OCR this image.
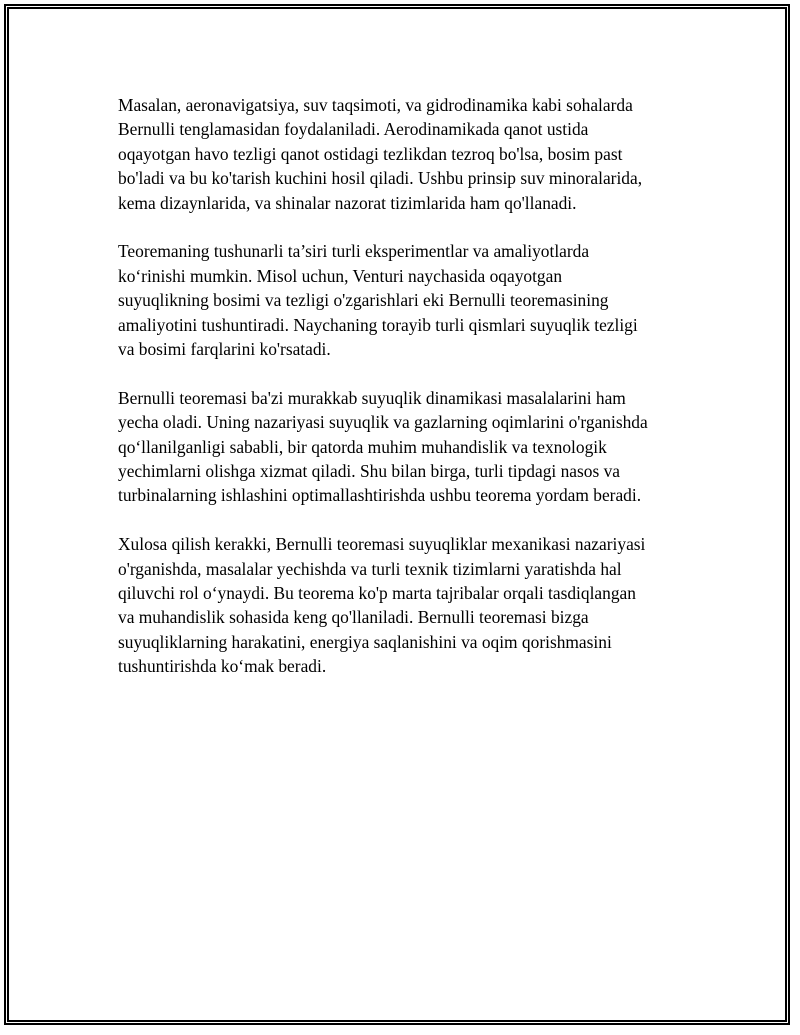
Masalan, aeronavigatsiya, suv taqsimoti, va gidrodinamika kabi sohalarda
Bernulli tenglamasidan foydalaniladi. Aerodinamikada qanot ustida
oqayotgan havo tezligi qanot ostidagi tezlikdan tezroq bo'lsa, bosim past
bo'ladi va bu ko'tarish kuchini hosil qiladi. Ushbu prinsip suv minoralarida,
kema dizaynlarida, va shinalar nazorat tizimlarida ham qo'llanadi.

Teoremaning tushunarli ta’siri turli eksperimentlar va amaliyotlarda
ko‘rinishi mumkin. Misol uchun, Venturi naychasida oqayotgan
suyuqlikning bosimi va tezligi o'zgarishlari eki Bernulli teoremasining
amaliyotini tushuntiradi. Naychaning torayib turli qismlari suyuqlik tezligi
va bosimi farqlarini ko'rsatadi.

Bernulli teoremasi ba'zi murakkab suyuqlik dinamikasi masalalarini ham
yecha oladi. Uning nazariyasi suyuqlik va gazlarning oqimlarini o'rganishda
qo‘llanilganligi sababli, bir qatorda muhim muhandislik va texnologik
yechimlarni olishga xizmat qiladi. Shu bilan birga, turli tipdagi nasos va
turbinalarning ishlashini optimallashtirishda ushbu teorema yordam beradi.

Xulosa qilish kerakki, Bernulli teoremasi suyuqliklar mexanikasi nazariyasi
o'rganishda, masalalar yechishda va turli texnik tizimlarni yaratishda hal
qiluvchi rol o‘ynaydi. Bu teorema ko'p marta tajribalar orqali tasdiqlangan
va muhandislik sohasida keng qo'llaniladi. Bernulli teoremasi bizga
suyuqliklarning harakatini, energiya saqlanishini va oqim qorishmasini
tushuntirishda ko‘mak beradi.
